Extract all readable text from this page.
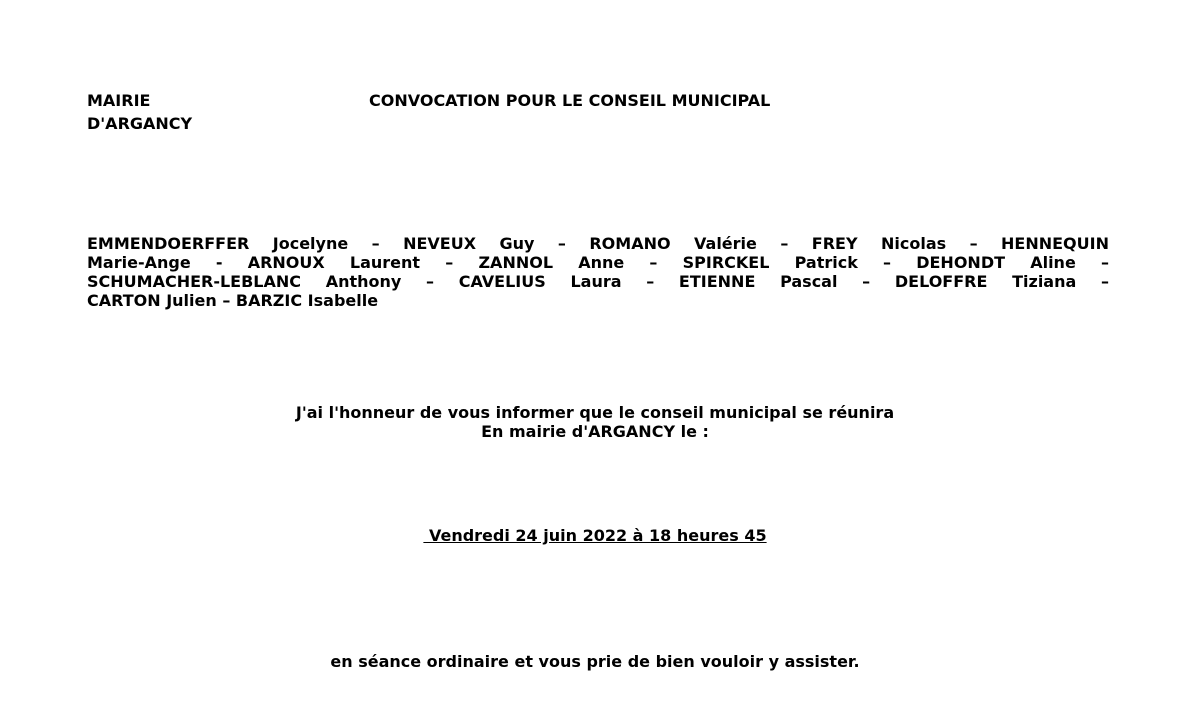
MAIRIE
D'ARGANCY
CONVOCATION POUR LE CONSEIL MUNICIPAL
EMMENDOERFFER Jocelyne – NEVEUX Guy – ROMANO Valérie – FREY Nicolas – HENNEQUIN
Marie-Ange - ARNOUX Laurent – ZANNOL Anne – SPIRCKEL Patrick – DEHONDT Aline –
SCHUMACHER-LEBLANC Anthony – CAVELIUS Laura – ETIENNE Pascal – DELOFFRE Tiziana –
CARTON Julien – BARZIC Isabelle
J'ai l'honneur de vous informer que le conseil municipal se réunira
En mairie d'ARGANCY le :
Vendredi 24 juin 2022 à 18 heures 45
en séance ordinaire et vous prie de bien vouloir y assister.
